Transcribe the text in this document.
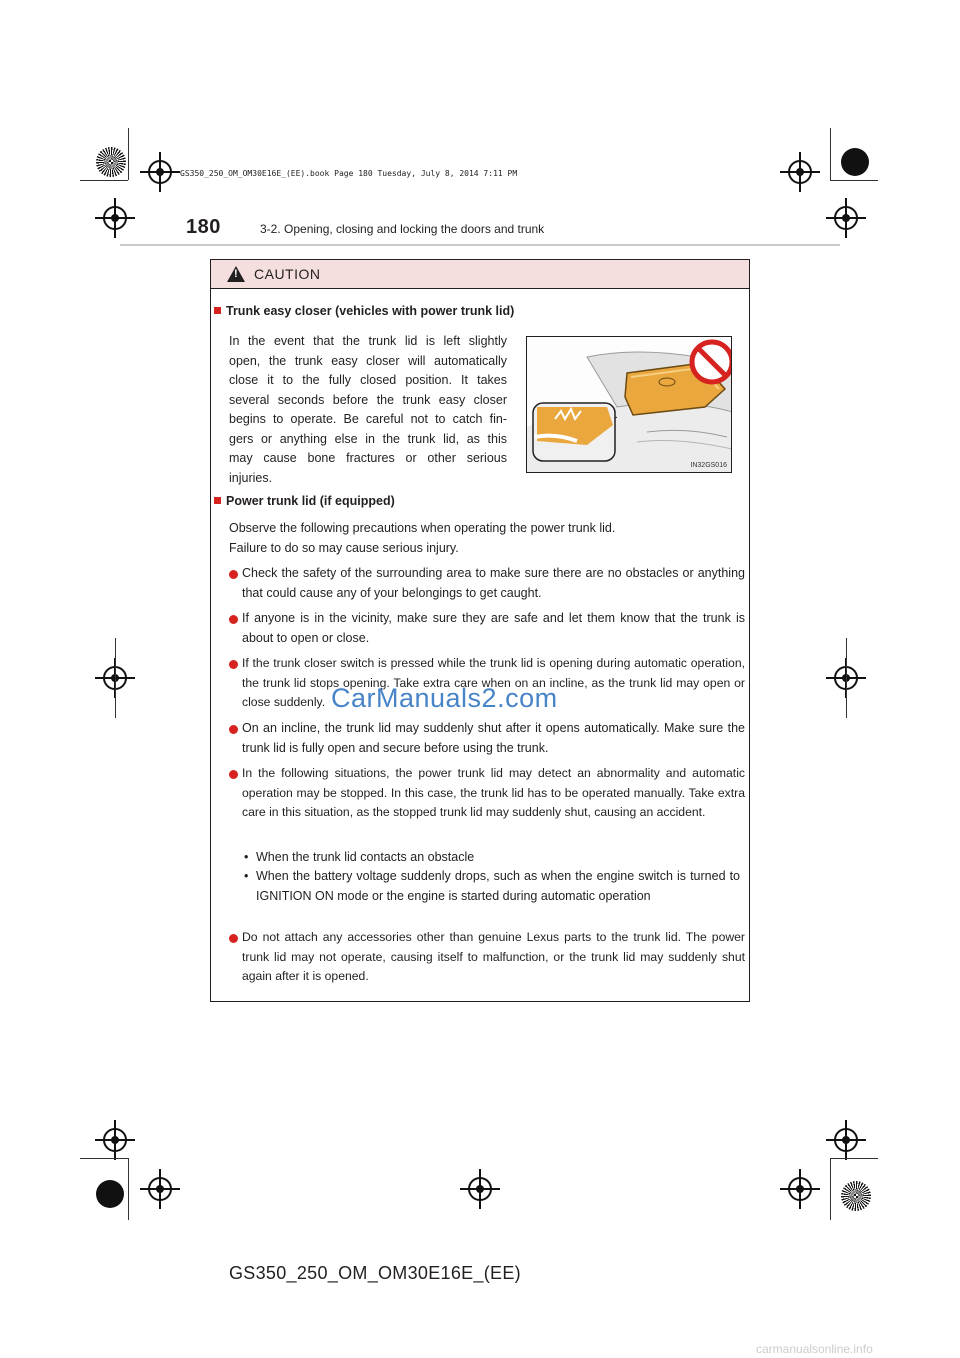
GS350_250_OM_OM30E16E_(EE).book Page 180 Tuesday, July 8, 2014 7:11 PM
180	3-2. Opening, closing and locking the doors and trunk
! CAUTION
Trunk easy closer (vehicles with power trunk lid)
In the event that the trunk lid is left slightly
open, the trunk easy closer will automatically
close it to the fully closed position. It takes
several seconds before the trunk easy closer
begins to operate. Be careful not to catch fin-
gers or anything else in the trunk lid, as this
may cause bone fractures or other serious
injuries.
IN32GS016
Power trunk lid (if equipped)
Observe the following precautions when operating the power trunk lid.
Failure to do so may cause serious injury.
Check the safety of the surrounding area to make sure there are no obstacles or anything that could cause any of your belongings to get caught.
If anyone is in the vicinity, make sure they are safe and let them know that the trunk is about to open or close.
If the trunk closer switch is pressed while the trunk lid is opening during automatic operation, the trunk lid stops opening. Take extra care when on an incline, as the trunk lid may open or close suddenly.
On an incline, the trunk lid may suddenly shut after it opens automatically. Make sure the trunk lid is fully open and secure before using the trunk.
In the following situations, the power trunk lid may detect an abnormality and automatic operation may be stopped. In this case, the trunk lid has to be operated manually. Take extra care in this situation, as the stopped trunk lid may suddenly shut, causing an accident.
• When the trunk lid contacts an obstacle
• When the battery voltage suddenly drops, such as when the engine switch is turned to IGNITION ON mode or the engine is started during automatic operation
Do not attach any accessories other than genuine Lexus parts to the trunk lid. The power trunk lid may not operate, causing itself to malfunction, or the trunk lid may suddenly shut again after it is opened.
CarManuals2.com
GS350_250_OM_OM30E16E_(EE)
carmanualsonline.info
